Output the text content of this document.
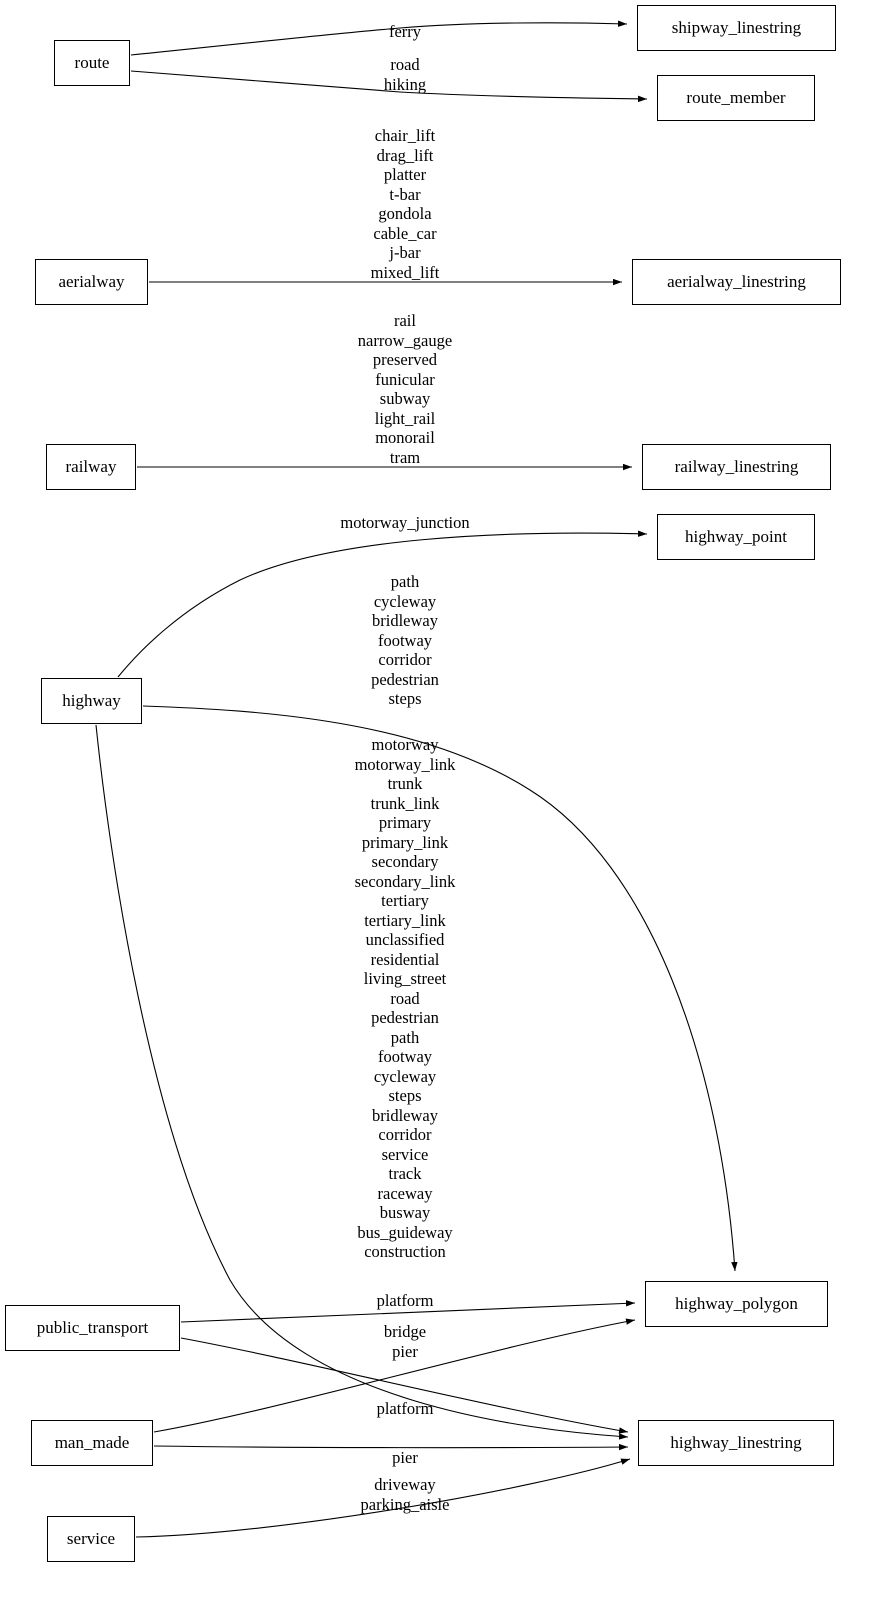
route
shipway_linestring
route_member
aerialway	aerialway_linestring
railway	railway_linestring
highway_point
highway
highway_polygon
public_transport
man_made	highway_linestring
service
ferry
road
hiking
chair_lift
drag_lift
platter
t-bar
gondola
cable_car
j-bar
mixed_lift
rail
narrow_gauge
preserved
funicular
subway
light_rail
monorail
tram
motorway_junction
path
cycleway
bridleway
footway
corridor
pedestrian
steps
motorway
motorway_link
trunk
trunk_link
primary
primary_link
secondary
secondary_link
tertiary
tertiary_link
unclassified
residential
living_street
road
pedestrian
path
footway
cycleway
steps
bridleway
corridor
service
track
raceway
busway
bus_guideway
construction
platform
platform
bridge
pier
pier
driveway
parking_aisle
